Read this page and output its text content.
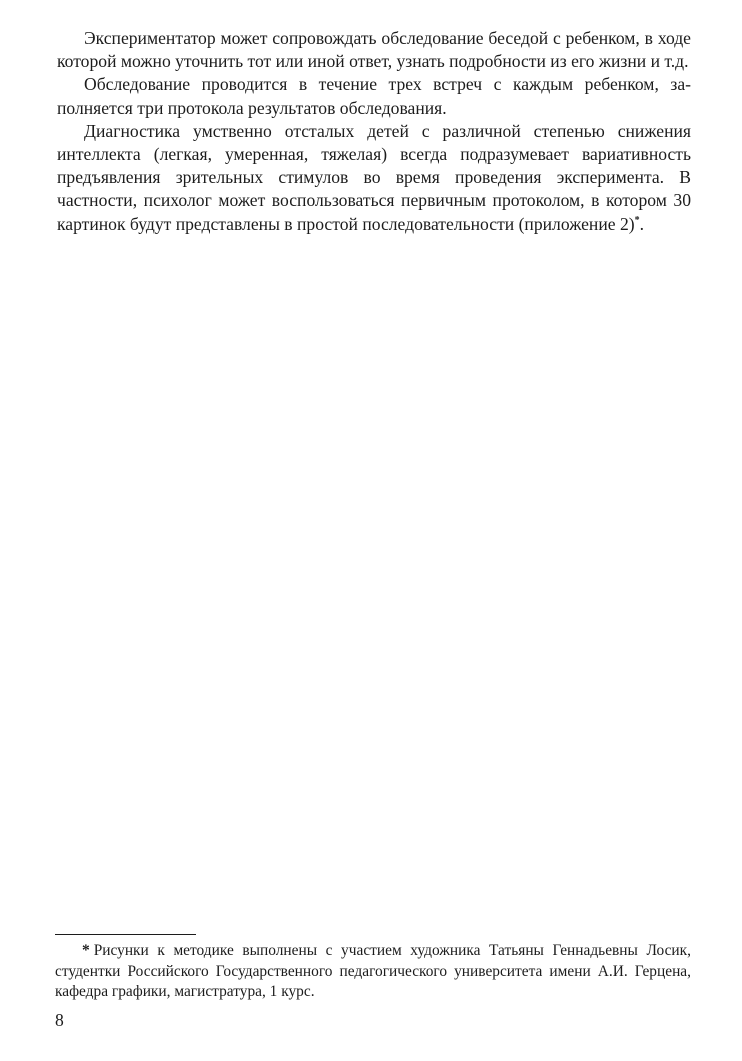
Экспериментатор может сопровождать обследование беседой с ребенком, в ходе которой можно уточнить тот или иной ответ, узнать подробности из его жизни и т.д.

Обследование проводится в течение трех встреч с каждым ребенком, заполняется три протокола результатов обследования.

Диагностика умственно отсталых детей с различной степенью снижения интеллекта (легкая, умеренная, тяжелая) всегда подразумевает вариативность предъявления зрительных стимулов во время проведения эксперимента. В частности, психолог может воспользоваться первичным протоколом, в котором 30 картинок будут представлены в простой последовательности (приложение 2)*.

* Рисунки к методике выполнены с участием художника Татьяны Геннадьевны Лосик, студентки Российского Государственного педагогического университета имени А.И. Герцена, кафедра графики, магистратура, 1 курс.

8
